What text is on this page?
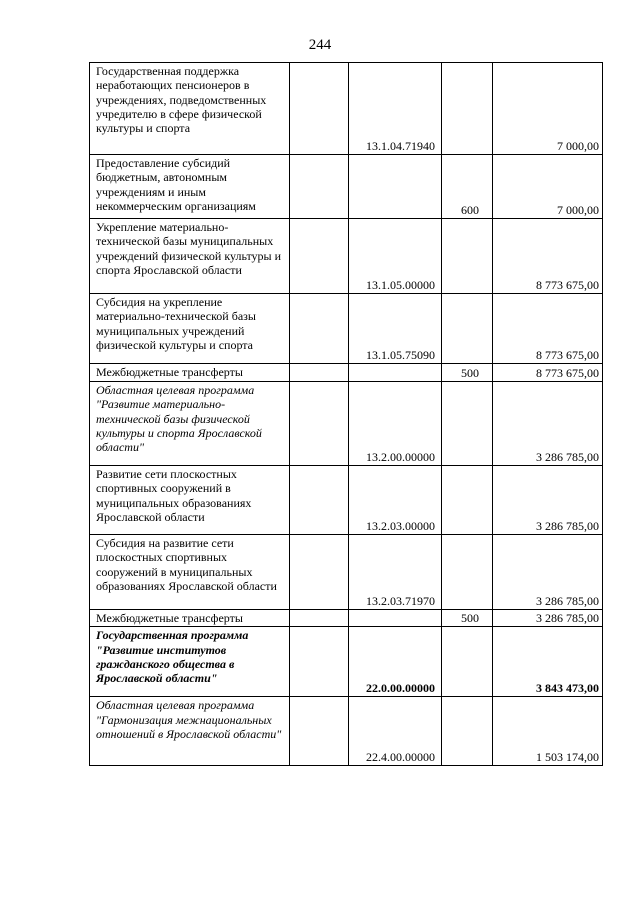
244
Государственная поддержка неработающих пенсионеров в учреждениях, подведомственных учредителю в сфере физической культуры и спорта		13.1.04.71940		7 000,00
Предоставление субсидий бюджетным, автономным учреждениям и иным некоммерческим организациям			600	7 000,00
Укрепление материально-технической базы муниципальных учреждений физической культуры и спорта Ярославской области		13.1.05.00000		8 773 675,00
Субсидия на укрепление материально-технической базы муниципальных учреждений физической культуры и спорта		13.1.05.75090		8 773 675,00
Межбюджетные трансферты			500	8 773 675,00
Областная целевая программа "Развитие материально-технической базы физической культуры и спорта Ярославской области"		13.2.00.00000		3 286 785,00
Развитие сети плоскостных спортивных сооружений в муниципальных образованиях Ярославской области		13.2.03.00000		3 286 785,00
Субсидия на развитие сети плоскостных спортивных сооружений в муниципальных образованиях Ярославской области		13.2.03.71970		3 286 785,00
Межбюджетные трансферты			500	3 286 785,00
Государственная программа "Развитие институтов гражданского общества в Ярославской области"		22.0.00.00000		3 843 473,00
Областная целевая программа "Гармонизация межнациональных отношений в Ярославской области"		22.4.00.00000		1 503 174,00
